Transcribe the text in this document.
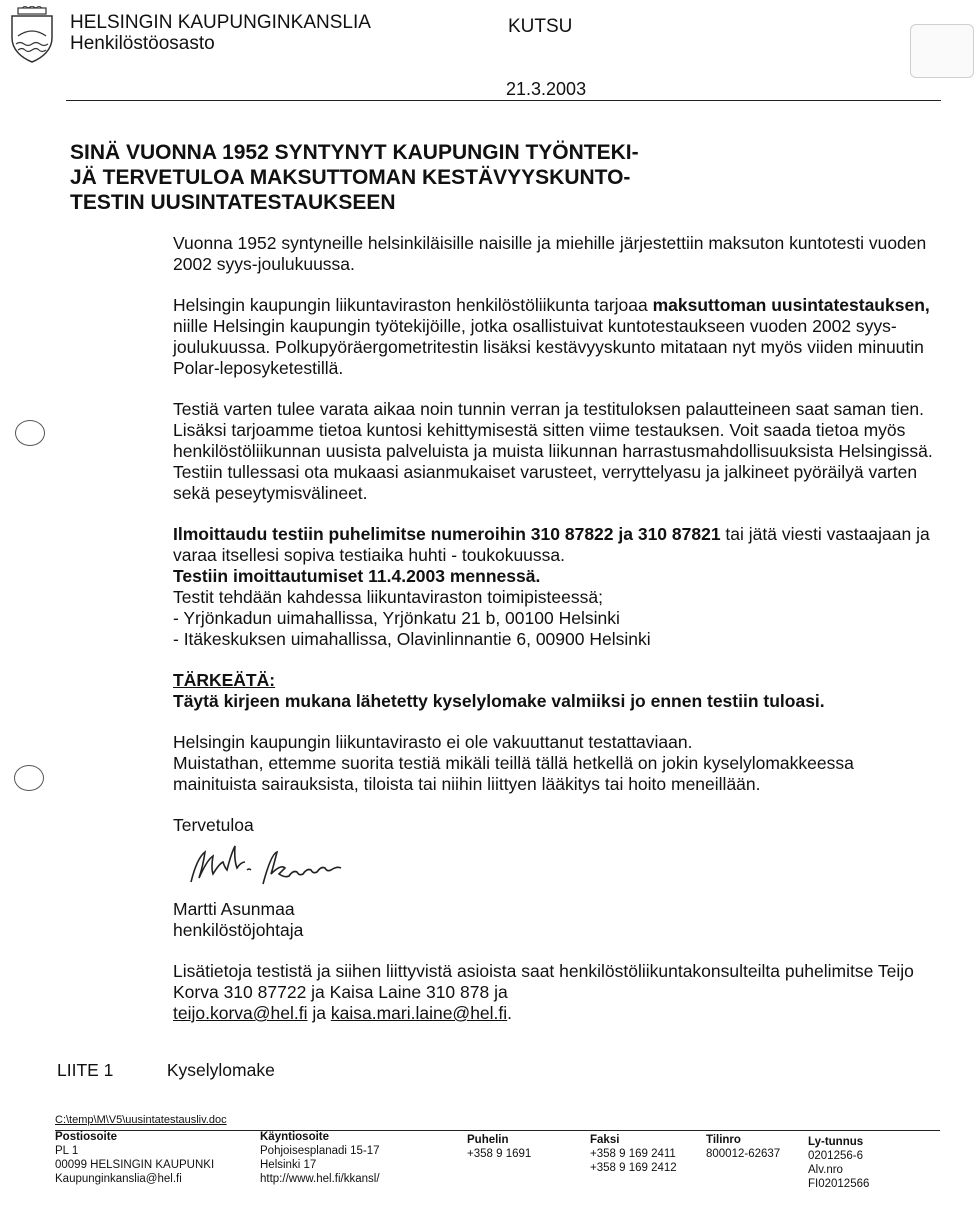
HELSINGIN KAUPUNGINKANSLIA
Henkilöstöosasto
KUTSU
21.3.2003
SINÄ VUONNA 1952 SYNTYNYT KAUPUNGIN TYÖNTEKI-
JÄ TERVETULOA MAKSUTTOMAN KESTÄVYYSKUNTO-
TESTIN UUSINTATESTAUKSEEN

Vuonna 1952 syntyneille helsinkiläisille naisille ja miehille järjestettiin maksuton kuntotesti vuoden 2002 syys-joulukuussa.

Helsingin kaupungin liikuntaviraston henkilöstöliikunta tarjoaa maksuttoman uusintatestauksen, niille Helsingin kaupungin työtekijöille, jotka osallistuivat kuntotestaukseen vuoden 2002 syys-joulukuussa. Polkupyöräergometritestin lisäksi kestävyyskunto mitataan nyt myös viiden minuutin Polar-leposyketestillä.

Testiä varten tulee varata aikaa noin tunnin verran ja testituloksen palautteineen saat saman tien. Lisäksi tarjoamme tietoa kuntosi kehittymisestä sitten viime testauksen. Voit saada tietoa myös henkilöstöliikunnan uusista palveluista ja muista liikunnan harrastusmahdollisuuksista Helsingissä.

Testiin tullessasi ota mukaasi asianmukaiset varusteet, verryttelyasu ja jalkineet pyöräilyä varten sekä peseytymisvälineet.

Ilmoittaudu testiin puhelimitse numeroihin 310 87822 ja 310 87821 tai jätä viesti vastaajaan ja varaa itsellesi sopiva testiaika huhti - toukokuussa.

Testiin imoittautumiset 11.4.2003 mennessä.

Testit tehdään kahdessa liikuntaviraston toimipisteessä;

- Yrjönkadun uimahallissa, Yrjönkatu 21 b, 00100 Helsinki

- Itäkeskuksen uimahallissa, Olavinlinnantie 6, 00900 Helsinki

TÄRKEÄTÄ:

Täytä kirjeen mukana lähetetty kyselylomake valmiiksi jo ennen testiin tuloasi.

Helsingin kaupungin liikuntavirasto ei ole vakuuttanut testattaviaan.

Muistathan, ettemme suorita testiä mikäli teillä tällä hetkellä on jokin kyselylomakkeessa mainituista sairauksista, tiloista tai niihin liittyen lääkitys tai hoito meneillään.

Tervetuloa

Martti Asunmaa

henkilöstöjohtaja

Lisätietoja testistä ja siihen liittyvistä asioista saat henkilöstöliikuntakonsulteilta puhelimitse Teijo Korva 310 87722 ja Kaisa Laine 310 878 ja
teijo.korva@hel.fi ja kaisa.mari.laine@hel.fi.

LIITE 1	Kyselylomake
C:\temp\M\V5\uusintatestausliv.doc
Postiosoite
PL 1
00099 HELSINGIN KAUPUNKI
Kaupunginkanslia@hel.fi
Käyntiosoite
Pohjoisesplanadi 15-17
Helsinki 17
http://www.hel.fi/kkansl/
Puhelin
+358 9 1691
Faksi
+358 9 169 2411
+358 9 169 2412
Tilinro
800012-62637
Ly-tunnus
0201256-6
Alv.nro
FI02012566
